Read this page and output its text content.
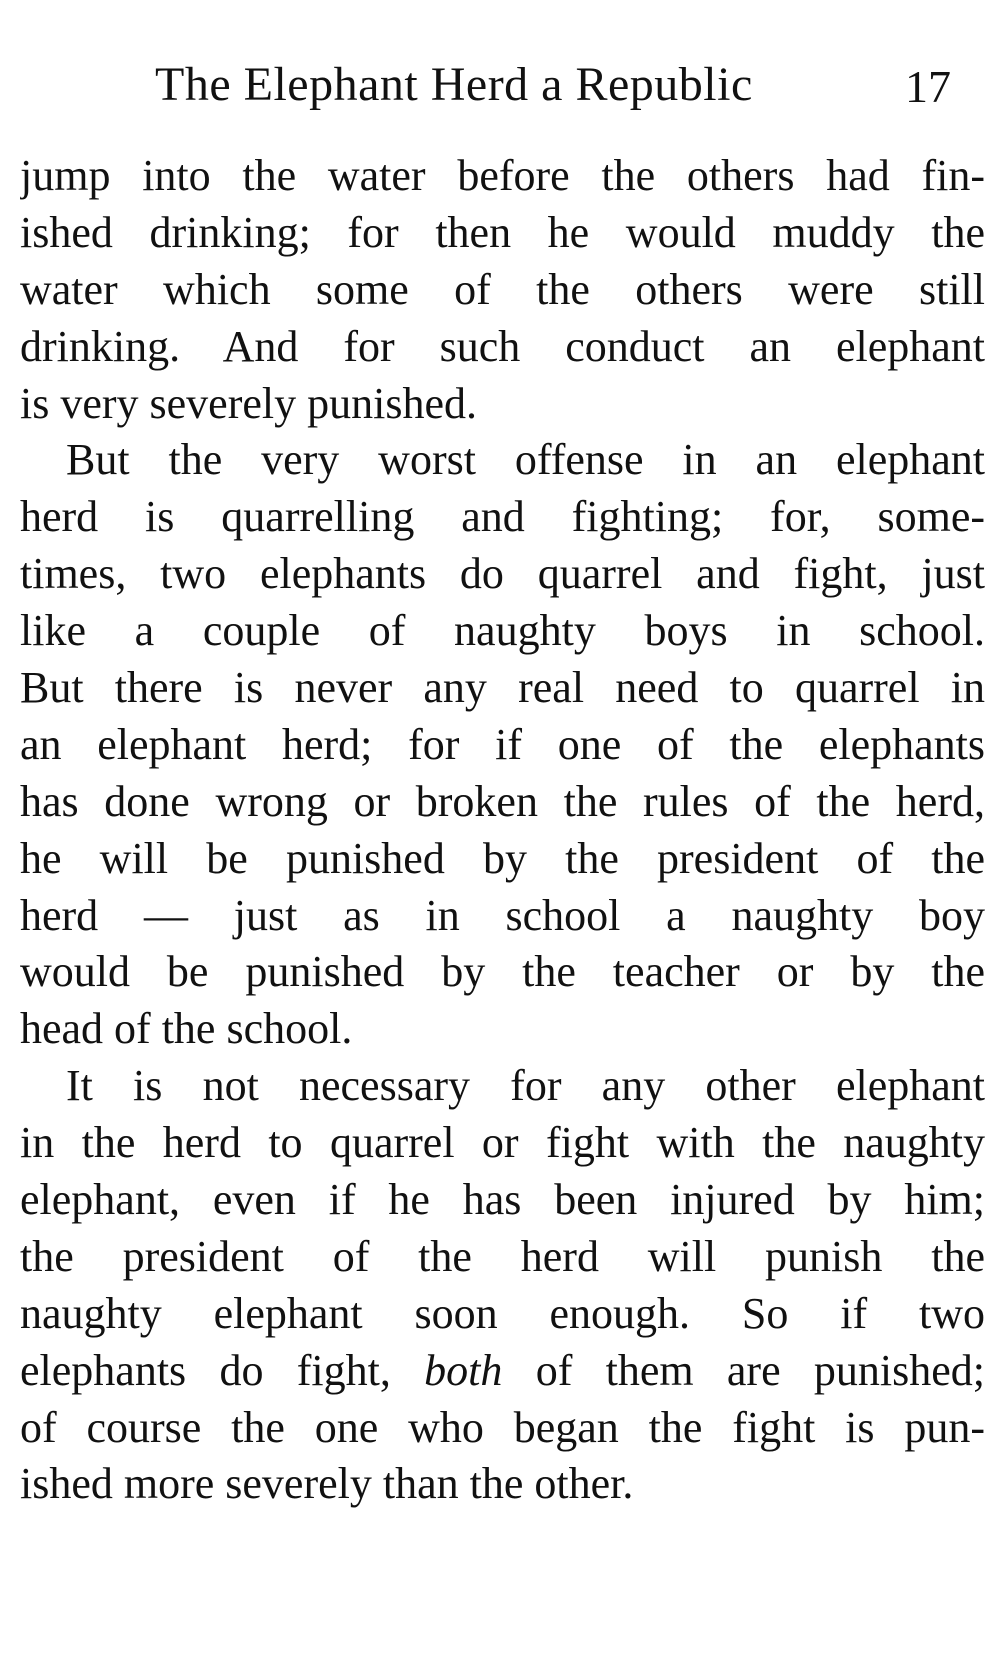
The Elephant Herd a Republic	17
jump into the water before the others had fin-
ished drinking; for then he would muddy the
water which some of the others were still
drinking. And for such conduct an elephant
is very severely punished.
But the very worst offense in an elephant
herd is quarrelling and fighting; for, some-
times, two elephants do quarrel and fight, just
like a couple of naughty boys in school.
But there is never any real need to quarrel in
an elephant herd; for if one of the elephants
has done wrong or broken the rules of the herd,
he will be punished by the president of the
herd — just as in school a naughty boy
would be punished by the teacher or by the
head of the school.
It is not necessary for any other elephant
in the herd to quarrel or fight with the naughty
elephant, even if he has been injured by him;
the president of the herd will punish the
naughty elephant soon enough. So if two
elephants do fight, both of them are punished;
of course the one who began the fight is pun-
ished more severely than the other.
